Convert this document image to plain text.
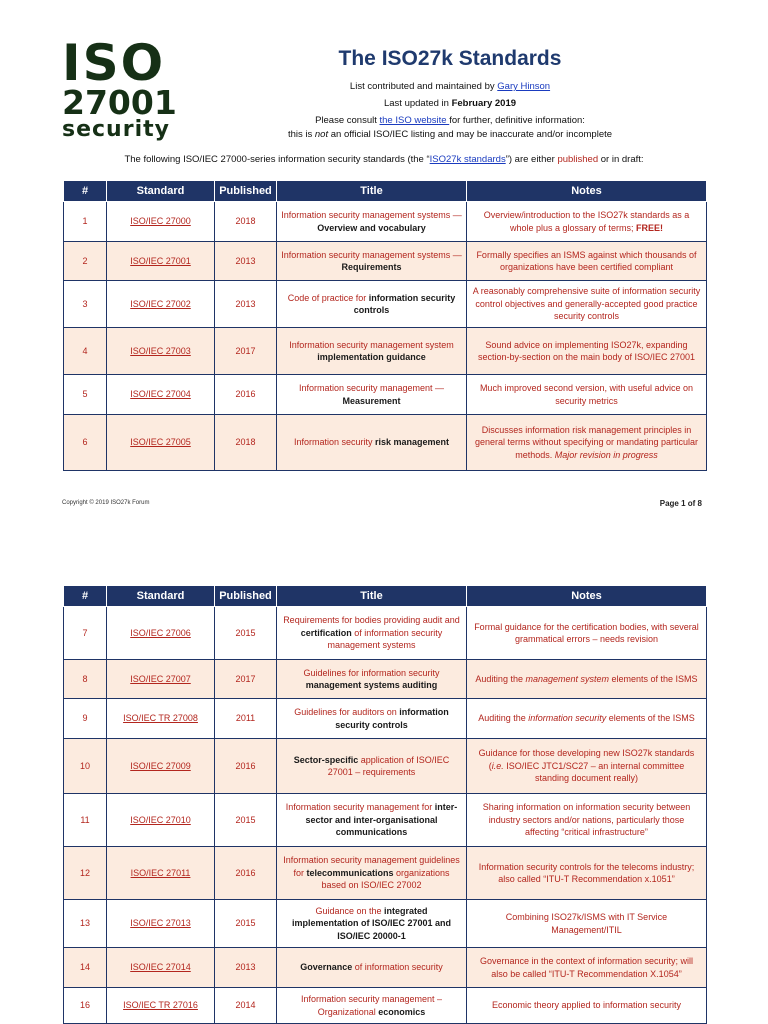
ISO
27001
security
The ISO27k Standards
List contributed and maintained by Gary Hinson
Last updated in February 2019
Please consult the ISO website for further, definitive information:
this is not an official ISO/IEC listing and may be inaccurate and/or incomplete
The following ISO/IEC 27000-series information security standards (the “ISO27k standards”) are either published or in draft:
#	Standard	Published	Title	Notes
1	ISO/IEC 27000	2018	Information security management systems — Overview and vocabulary	Overview/introduction to the ISO27k standards as a whole plus a glossary of terms; FREE!
2	ISO/IEC 27001	2013	Information security management systems — Requirements	Formally specifies an ISMS against which thousands of organizations have been certified compliant
3	ISO/IEC 27002	2013	Code of practice for information security controls	A reasonably comprehensive suite of information security control objectives and generally-accepted good practice security controls
4	ISO/IEC 27003	2017	Information security management system implementation guidance	Sound advice on implementing ISO27k, expanding section-by-section on the main body of ISO/IEC 27001
5	ISO/IEC 27004	2016	Information security management — Measurement	Much improved second version, with useful advice on security metrics
6	ISO/IEC 27005	2018	Information security risk management	Discusses information risk management principles in general terms without specifying or mandating particular methods. Major revision in progress
Copyright © 2019 ISO27k Forum	Page 1 of 8
#	Standard	Published	Title	Notes
7	ISO/IEC 27006	2015	Requirements for bodies providing audit and certification of information security management systems	Formal guidance for the certification bodies, with several grammatical errors – needs revision
8	ISO/IEC 27007	2017	Guidelines for information security management systems auditing	Auditing the management system elements of the ISMS
9	ISO/IEC TR 27008	2011	Guidelines for auditors on information security controls	Auditing the information security elements of the ISMS
10	ISO/IEC 27009	2016	Sector-specific application of ISO/IEC 27001 – requirements	Guidance for those developing new ISO27k standards (i.e. ISO/IEC JTC1/SC27 – an internal committee standing document really)
11	ISO/IEC 27010	2015	Information security management for inter-sector and inter-organisational communications	Sharing information on information security between industry sectors and/or nations, particularly those affecting “critical infrastructure”
12	ISO/IEC 27011	2016	Information security management guidelines for telecommunications organizations based on ISO/IEC 27002	Information security controls for the telecoms industry; also called “ITU-T Recommendation x.1051”
13	ISO/IEC 27013	2015	Guidance on the integrated implementation of ISO/IEC 27001 and ISO/IEC 20000-1	Combining ISO27k/ISMS with IT Service Management/ITIL
14	ISO/IEC 27014	2013	Governance of information security	Governance in the context of information security; will also be called “ITU-T Recommendation X.1054”
16	ISO/IEC TR 27016	2014	Information security management – Organizational economics	Economic theory applied to information security
